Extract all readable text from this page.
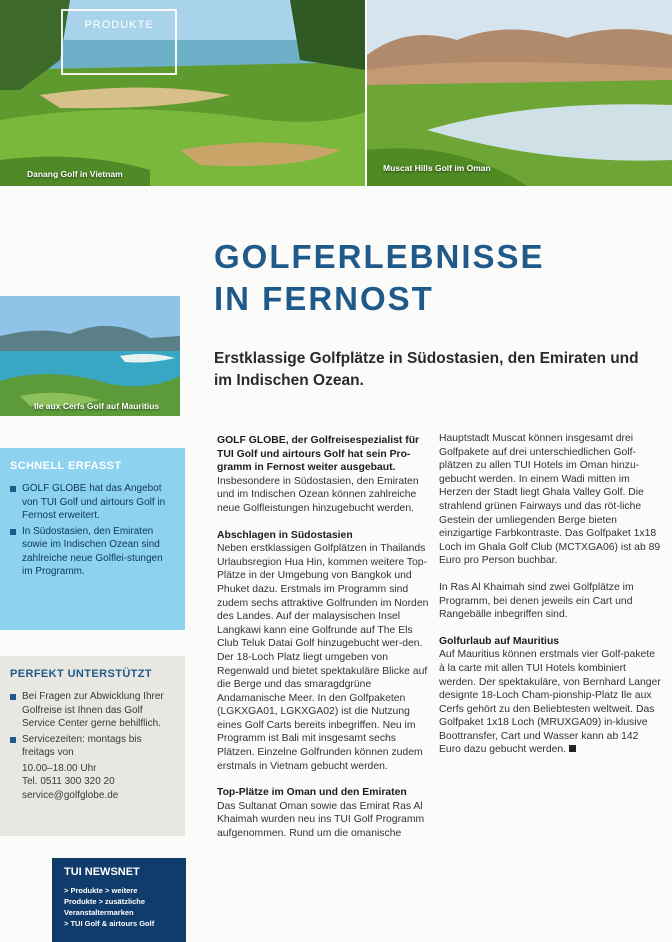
PRODUKTE
Danang Golf in Vietnam
Muscat Hills Golf im Oman
GOLFERLEBNISSE
IN FERNOST
Erstklassige Golfplätze in Südostasien, den Emiraten und im Indischen Ozean.
Ile aux Cerfs Golf auf Mauritius
SCHNELL ERFASST
GOLF GLOBE hat das Angebot von TUI Golf und airtours Golf in Fernost erweitert.
In Südostasien, den Emiraten sowie im Indischen Ozean sind zahlreiche neue Golflei-stungen im Programm.
PERFEKT UNTERSTÜTZT
Bei Fragen zur Abwicklung Ihrer Golfreise ist Ihnen das Golf Service Center gerne behilflich.
Servicezeiten: montags bis freitags von
10.00–18.00 Uhr
Tel. 0511 300 320 20
service@golfglobe.de
TUI NEWSNET
> Produkte > weitere
Produkte > zusätzliche
Veranstaltermarken
> TUI Golf & airtours Golf

GOLF GLOBE, der Golfreisespezialist für TUI Golf und airtours Golf hat sein Pro-gramm in Fernost weiter ausgebaut. Insbesondere in Südostasien, den Emiraten und im Indischen Ozean können zahlreiche neue Golfleistungen hinzugebucht werden.

Abschlagen in Südostasien

Neben erstklassigen Golfplätzen in Thailands Urlaubsregion Hua Hin, kommen weitere Top-Plätze in der Umgebung von Bangkok und Phuket dazu. Erstmals im Programm sind zudem sechs attraktive Golfrunden im Norden des Landes. Auf der malaysischen Insel Langkawi kann eine Golfrunde auf The Els Club Teluk Datai Golf hinzugebucht wer-den. Der 18-Loch Platz liegt umgeben von Regenwald und bietet spektakuläre Blicke auf die Berge und das smaragdgrüne Andamanische Meer. In den Golfpaketen (LGKXGA01, LGKXGA02) ist die Nutzung eines Golf Carts bereits inbegriffen. Neu im Programm ist Bali mit insgesamt sechs Plätzen. Einzelne Golfrunden können zudem erstmals in Vietnam gebucht werden.

Top-Plätze im Oman und den Emiraten

Das Sultanat Oman sowie das Emirat Ras Al Khaimah wurden neu ins TUI Golf Programm aufgenommen. Rund um die omanische

Hauptstadt Muscat können insgesamt drei Golfpakete auf drei unterschiedlichen Golf-plätzen zu allen TUI Hotels im Oman hinzu-gebucht werden. In einem Wadi mitten im Herzen der Stadt liegt Ghala Valley Golf. Die strahlend grünen Fairways und das röt-liche Gestein der umliegenden Berge bieten einzigartige Farbkontraste. Das Golfpaket 1x18 Loch im Ghala Golf Club (MCTXGA06) ist ab 89 Euro pro Person buchbar.

In Ras Al Khaimah sind zwei Golfplätze im Programm, bei denen jeweils ein Cart und Rangebälle inbegriffen sind.

Golfurlaub auf Mauritius

Auf Mauritius können erstmals vier Golf-pakete à la carte mit allen TUI Hotels kombiniert werden. Der spektakuläre, von Bernhard Langer designte 18-Loch Cham-pionship-Platz Ile aux Cerfs gehört zu den Beliebtesten weltweit. Das Golfpaket 1x18 Loch (MRUXGA09) in-klusive Boottransfer, Cart und Wasser kann ab 142 Euro dazu gebucht werden.
